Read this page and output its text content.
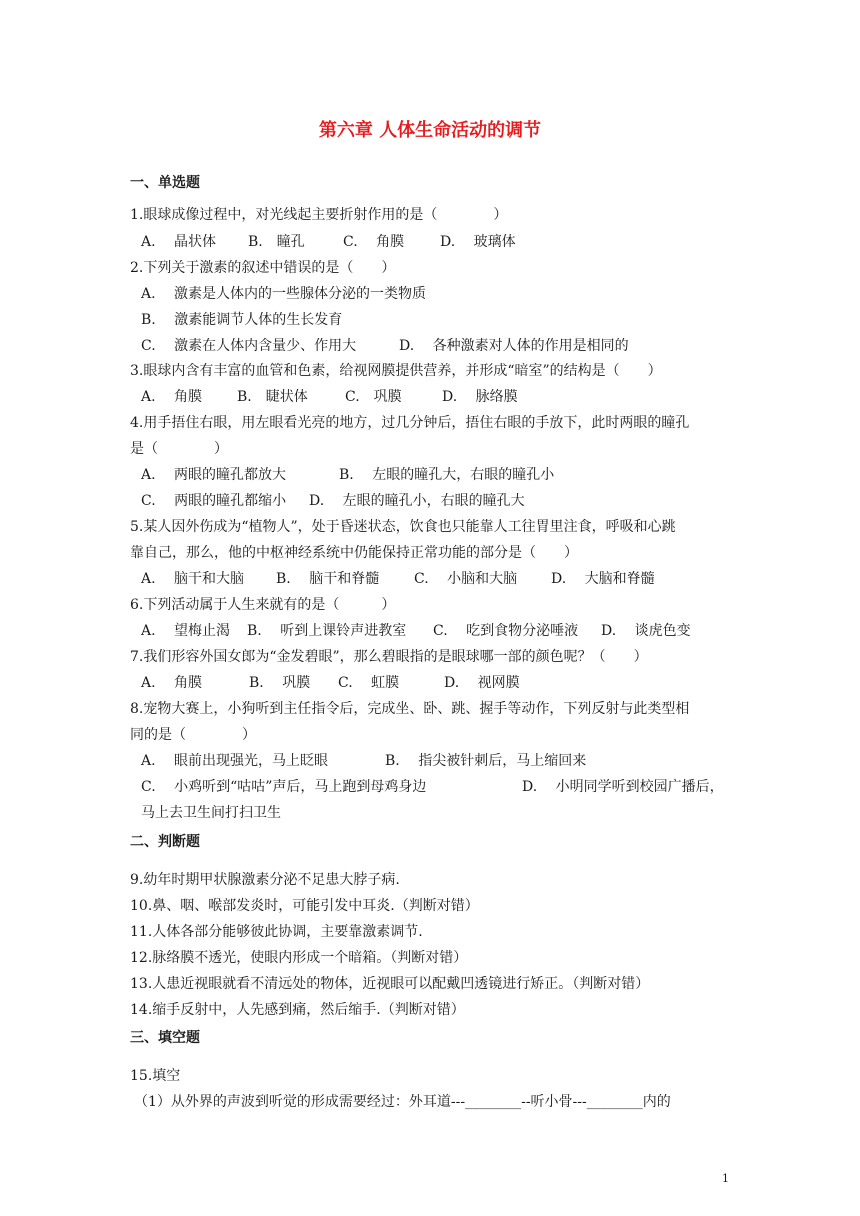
第六章 人体生命活动的调节
一、单选题
1.眼球成像过程中，对光线起主要折射作用的是（　　　　）
A.　 晶状体 B.　瞳孔	C.　 角膜	D.　 玻璃体
2.下列关于激素的叙述中错误的是（　　）
A.　 激素是人体内的一些腺体分泌的一类物质
B.　 激素能调节人体的生长发育
C.　 激素在人体内含量少、作用大	D.　 各种激素对人体的作用是相同的
3.眼球内含有丰富的血管和色素，给视网膜提供营养，并形成“暗室”的结构是（　　）
A.　 角膜 B.　睫状体	C.　巩膜	D.　 脉络膜
4.用手捂住右眼，用左眼看光亮的地方，过几分钟后，捂住右眼的手放下，此时两眼的瞳孔
是（　　　　）
A.　 两眼的瞳孔都放大	B.　 左眼的瞳孔大，右眼的瞳孔小
C.　 两眼的瞳孔都缩小 D.　 左眼的瞳孔小，右眼的瞳孔大
5.某人因外伤成为“植物人”，处于昏迷状态，饮食也只能靠人工往胃里注食，呼吸和心跳
靠自己，那么，他的中枢神经系统中仍能保持正常功能的部分是（　　）
A.　 脑干和大脑 B.　 脑干和脊髓 C.　 小脑和大脑 D.　 大脑和脊髓
6.下列活动属于人生来就有的是（　　　）
A.　 望梅止渴 B.　 听到上课铃声进教室 C.　 吃到食物分泌唾液 D.　 谈虎色变
7.我们形容外国女郎为“金发碧眼”，那么碧眼指的是眼球哪一部的颜色呢？（　　）
A.　 角膜	B.　 巩膜 C.　 虹膜	D.　 视网膜
8.宠物大赛上，小狗听到主任指令后，完成坐、卧、跳、握手等动作，下列反射与此类型相
同的是（　　　　）
A.　 眼前出现强光，马上眨眼	B.　 指尖被针刺后，马上缩回来
C.　 小鸡听到“咕咕”声后，马上跑到母鸡身边	D.　 小明同学听到校园广播后，
马上去卫生间打扫卫生
二、判断题
9.幼年时期甲状腺激素分泌不足患大脖子病.
10.鼻、咽、喉部发炎时，可能引发中耳炎.（判断对错）
11.人体各部分能够彼此协调，主要靠激素调节.
12.脉络膜不透光，使眼内形成一个暗箱。（判断对错）
13.人患近视眼就看不清远处的物体，近视眼可以配戴凹透镜进行矫正。（判断对错）
14.缩手反射中，人先感到痛，然后缩手.（判断对错）
三、填空题
15.填空
（1）从外界的声波到听觉的形成需要经过：外耳道---________--听小骨---________内的
1
